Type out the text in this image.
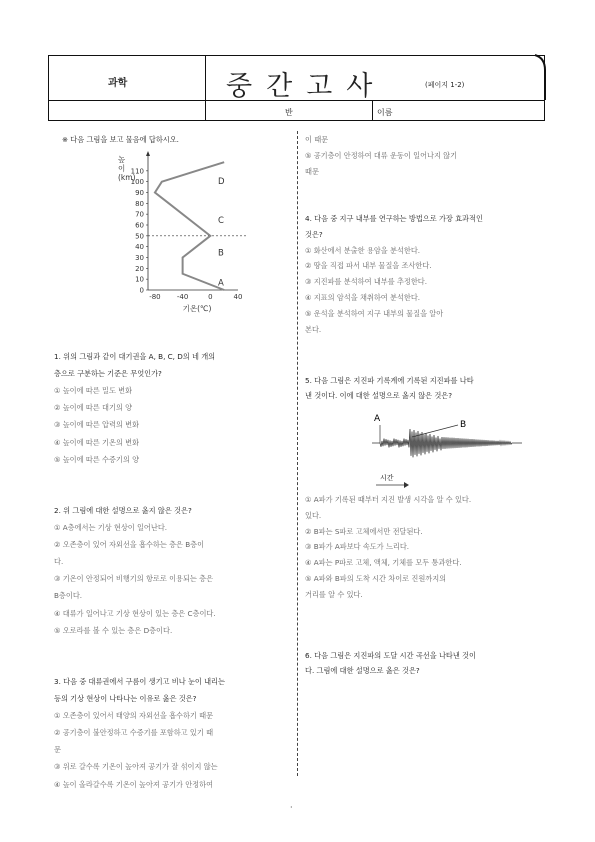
과학	중간고사	(페이지 1-2)
반	이름
※ 다음 그림을 보고 물음에 답하시오.
110
100
90
80
70
60
50
40
30
20
10
0
높
이
(km)
-80 -40	0	40
기온(℃)
D
C
B
A
1. 위의 그림과 같이 대기권을 A, B, C, D의 네 개의
층으로 구분하는 기준은 무엇인가?
① 높이에 따른 밀도 변화
② 높이에 따른 대기의 양
③ 높이에 따른 압력의 변화
④ 높이에 따른 기온의 변화
⑤ 높이에 따른 수증기의 양
2. 위 그림에 대한 설명으로 옳지 않은 것은?
① A층에서는 기상 현상이 일어난다.
② 오존층이 있어 자외선을 흡수하는 층은 B층이
다.
③ 기온이 안정되어 비행기의 항로로 이용되는 층은
B층이다.
④ 대류가 일어나고 기상 현상이 있는 층은 C층이다.
⑤ 오로라를 볼 수 있는 층은 D층이다.
3. 다음 중 대류권에서 구름이 생기고 비나 눈이 내리는
등의 기상 현상이 나타나는 이유로 옳은 것은?
① 오존층이 있어서 태양의 자외선을 흡수하기 때문
② 공기층이 불안정하고 수증기를 포함하고 있기 때
문
③ 위로 갈수록 기온이 높아져 공기가 잘 섞이지 않는
④ 높이 올라갈수록 기온이 높아져 공기가 안정하여
이 때문
⑤ 공기층이 안정하여 대류 운동이 일어나지 않기
때문
4. 다음 중 지구 내부를 연구하는 방법으로 가장 효과적인
것은?
① 화산에서 분출한 용암을 분석한다.
② 땅을 직접 파서 내부 물질을 조사한다.
③ 지진파를 분석하여 내부를 추정한다.
④ 지표의 암석을 채취하여 분석한다.
⑤ 운석을 분석하여 지구 내부의 물질을 알아
본다.
5. 다음 그림은 지진파 기록계에 기록된 지진파를 나타
낸 것이다. 이에 대한 설명으로 옳지 않은 것은?
① A파가 기록된 때부터 지진 발생 시각을 알 수 있다.
있다.
② B파는 S파로 고체에서만 전달된다.
③ B파가 A파보다 속도가 느리다.
④ A파는 P파로 고체, 액체, 기체를 모두 통과한다.
⑤ A파와 B파의 도착 시간 차이로 진원까지의
거리를 알 수 있다.
6. 다음 그림은 지진파의 도달 시간 곡선을 나타낸 것이
다. 그림에 대한 설명으로 옳은 것은?
A
B
시간
·
